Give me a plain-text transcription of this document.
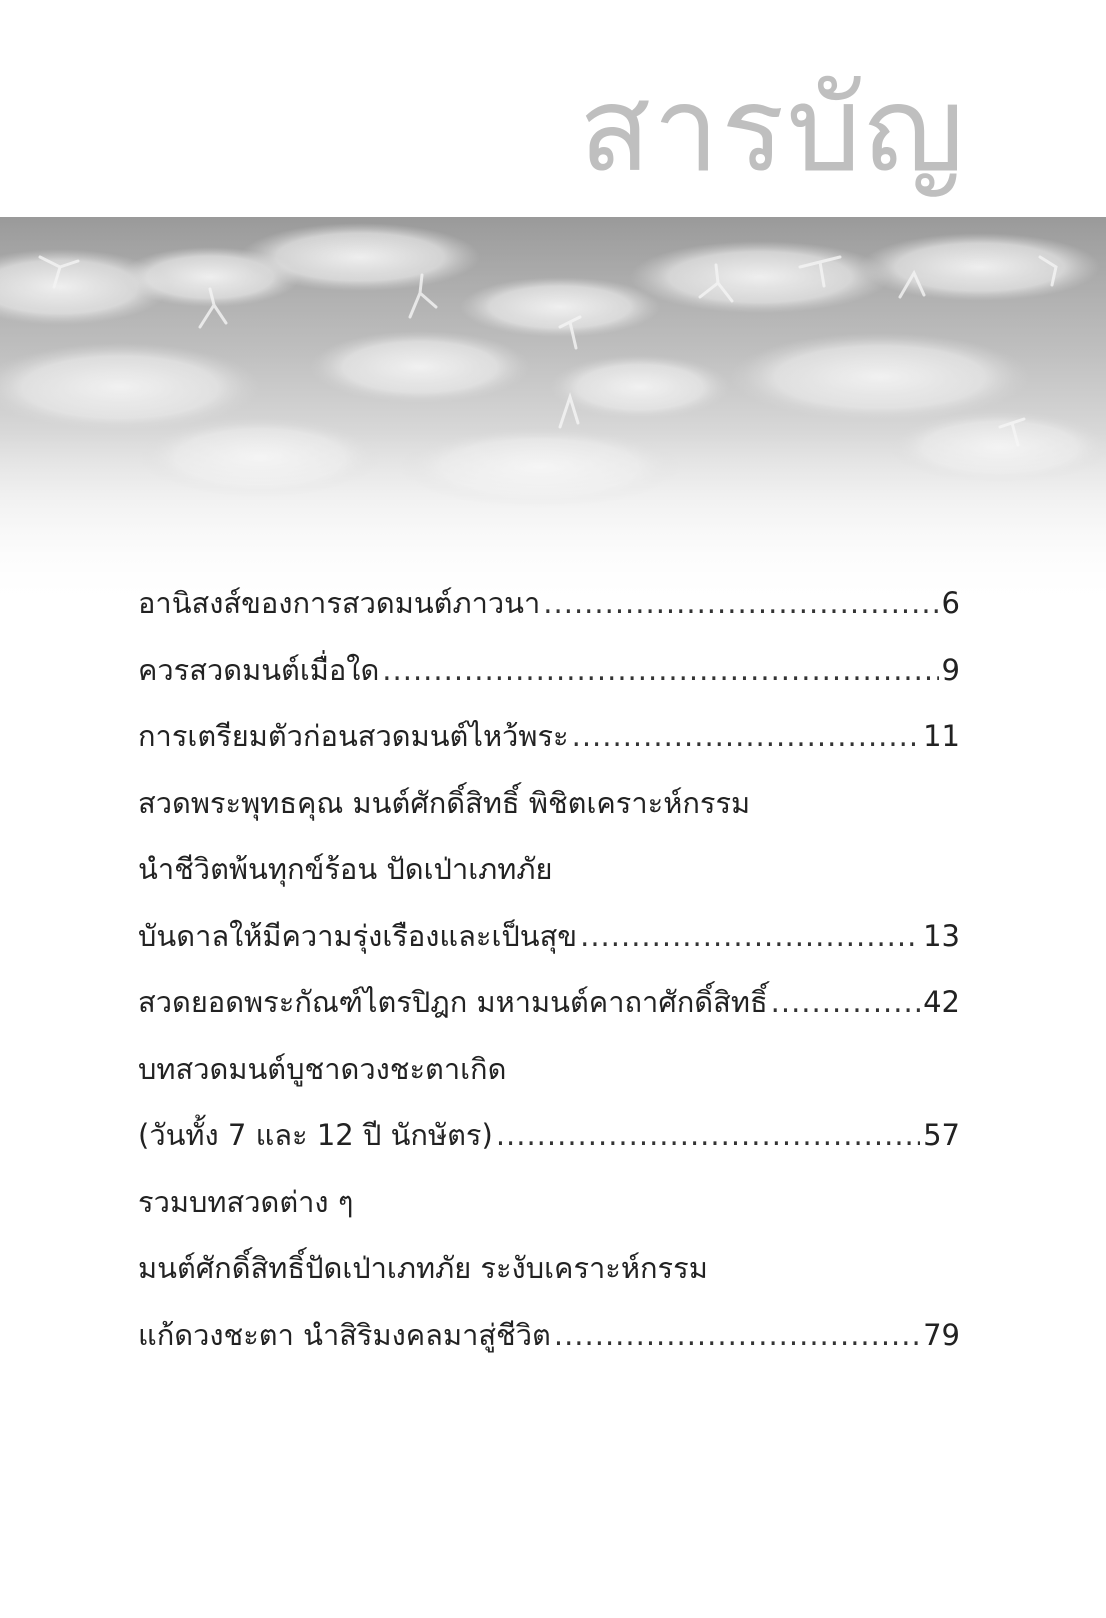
สารบัญ
อานิสงส์ของการสวดมนต์ภาวนา .....	6
ควรสวดมนต์เมื่อใด .....	9
การเตรียมตัวก่อนสวดมนต์ไหว้พระ .....	11
สวดพระพุทธคุณ มนต์ศักดิ์สิทธิ์ พิชิตเคราะห์กรรม
นำชีวิตพ้นทุกข์ร้อน ปัดเป่าเภทภัย
บันดาลให้มีความรุ่งเรืองและเป็นสุข .....	13
สวดยอดพระกัณฑ์ไตรปิฎก มหามนต์คาถาศักดิ์สิทธิ์ .....	42
บทสวดมนต์บูชาดวงชะตาเกิด
(วันทั้ง 7 และ 12 ปี นักษัตร) .....	57
รวมบทสวดต่าง ๆ
มนต์ศักดิ์สิทธิ์ปัดเป่าเภทภัย ระงับเคราะห์กรรม
แก้ดวงชะตา นำสิริมงคลมาสู่ชีวิต .....	79
